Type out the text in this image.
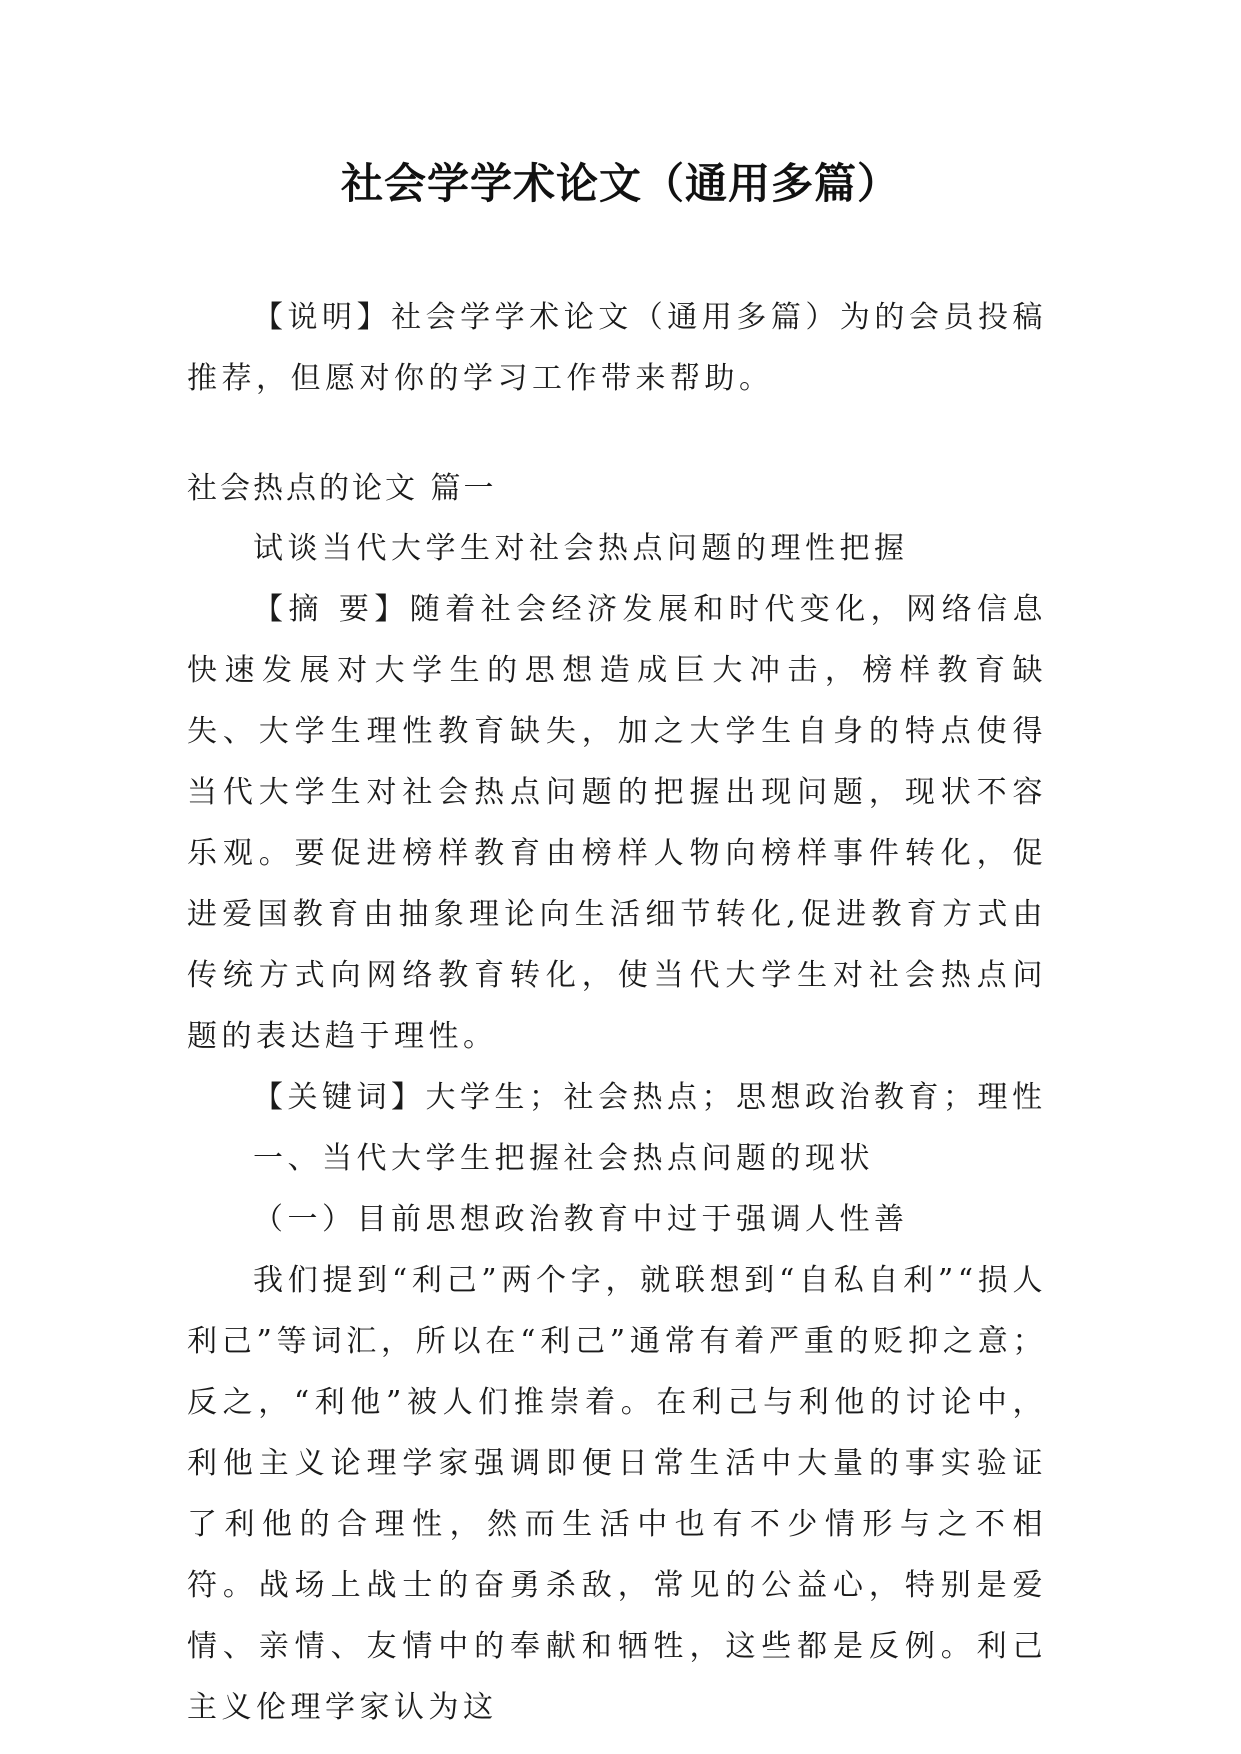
社会学学术论文（通用多篇）

【说明】社会学学术论文（通用多篇）为的会员投稿推荐，但愿对你的学习工作带来帮助。

社会热点的论文 篇一

试谈当代大学生对社会热点问题的理性把握

【摘 要】随着社会经济发展和时代变化，网络信息快速发展对大学生的思想造成巨大冲击，榜样教育缺失、大学生理性教育缺失，加之大学生自身的特点使得当代大学生对社会热点问题的把握出现问题，现状不容乐观。要促进榜样教育由榜样人物向榜样事件转化，促进爱国教育由抽象理论向生活细节转化,促进教育方式由传统方式向网络教育转化，使当代大学生对社会热点问题的表达趋于理性。

【关键词】大学生；社会热点；思想政治教育；理性

一、当代大学生把握社会热点问题的现状

（一）目前思想政治教育中过于强调人性善

我们提到“利己”两个字，就联想到“自私自利”“损人利己”等词汇，所以在“利己”通常有着严重的贬抑之意；反之，“利他”被人们推崇着。在利己与利他的讨论中，利他主义论理学家强调即便日常生活中大量的事实验证了利他的合理性，然而生活中也有不少情形与之不相符。战场上战士的奋勇杀敌，常见的公益心，特别是爱情、亲情、友情中的奉献和牺牲，这些都是反例。利己主义伦理学家认为这
